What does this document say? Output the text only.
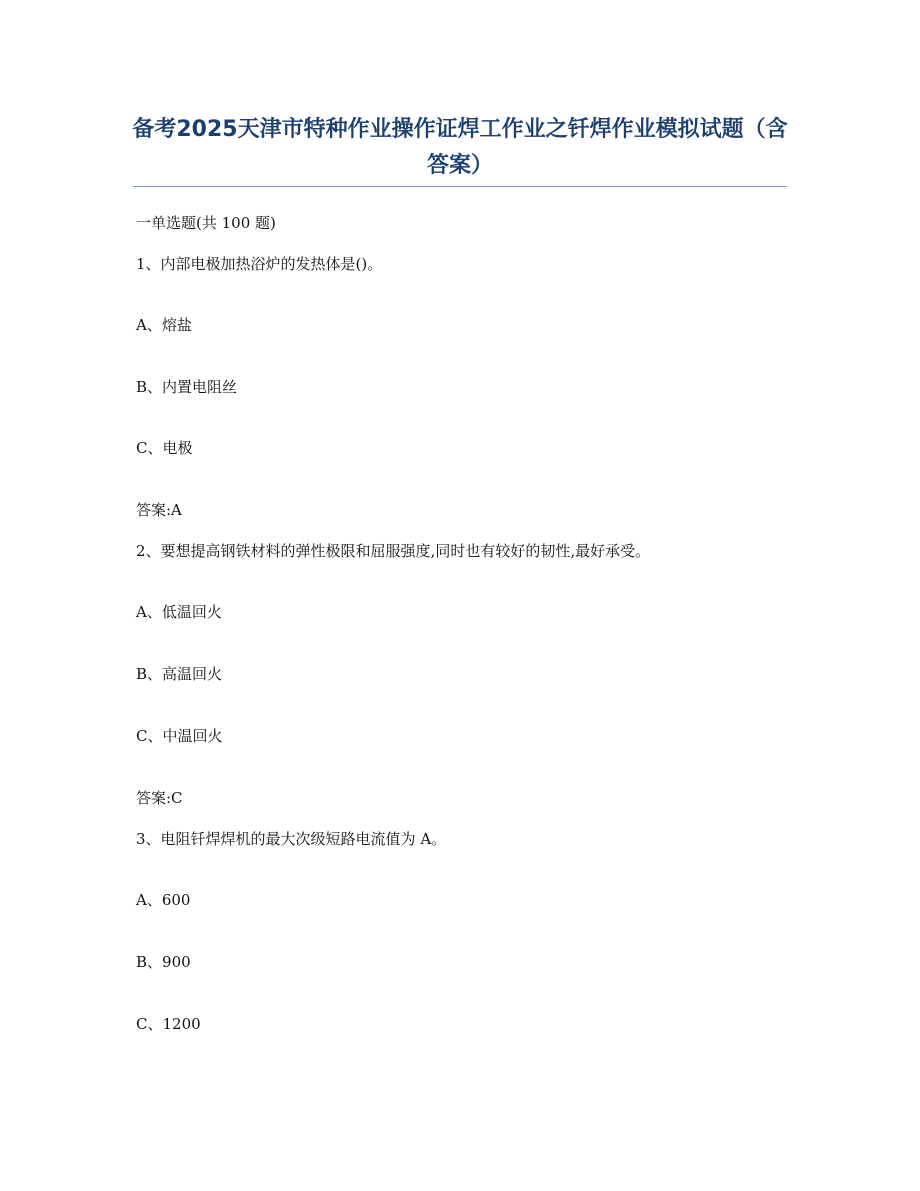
备考2025天津市特种作业操作证焊工作业之钎焊作业模拟试题（含答案）
一单选题(共 100 题)
1、内部电极加热浴炉的发热体是()。
A、熔盐
B、内置电阻丝
C、电极
答案:A
2、要想提高钢铁材料的弹性极限和屈服强度,同时也有较好的韧性,最好承受。
A、低温回火
B、高温回火
C、中温回火
答案:C
3、电阻钎焊焊机的最大次级短路电流值为 A。
A、600
B、900
C、1200
